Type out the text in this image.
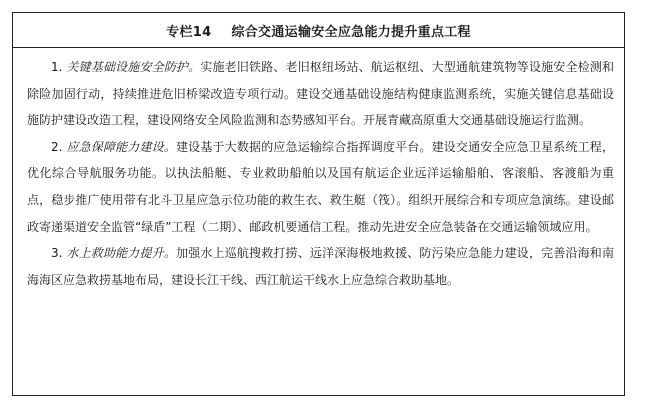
专栏14 综合交通运输安全应急能力提升重点工程

1. 关键基础设施安全防护。实施老旧铁路、老旧枢纽场站、航运枢纽、大型通航建筑物等设施安全检测和除险加固行动，持续推进危旧桥梁改造专项行动。建设交通基础设施结构健康监测系统，实施关键信息基础设施防护建设改造工程，建设网络安全风险监测和态势感知平台。开展青藏高原重大交通基础设施运行监测。

2. 应急保障能力建设。建设基于大数据的应急运输综合指挥调度平台。建设交通安全应急卫星系统工程，优化综合导航服务功能。以执法船艇、专业救助船舶以及国有航运企业远洋运输船舶、客滚船、客渡船为重点，稳步推广使用带有北斗卫星应急示位功能的救生衣、救生艇（筏）。组织开展综合和专项应急演练。建设邮政寄递渠道安全监管“绿盾”工程（二期）、邮政机要通信工程。推动先进安全应急装备在交通运输领域应用。

3. 水上救助能力提升。加强水上巡航搜救打捞、远洋深海极地救援、防污染应急能力建设，完善沿海和南海海区应急救捞基地布局，建设长江干线、西江航运干线水上应急综合救助基地。
